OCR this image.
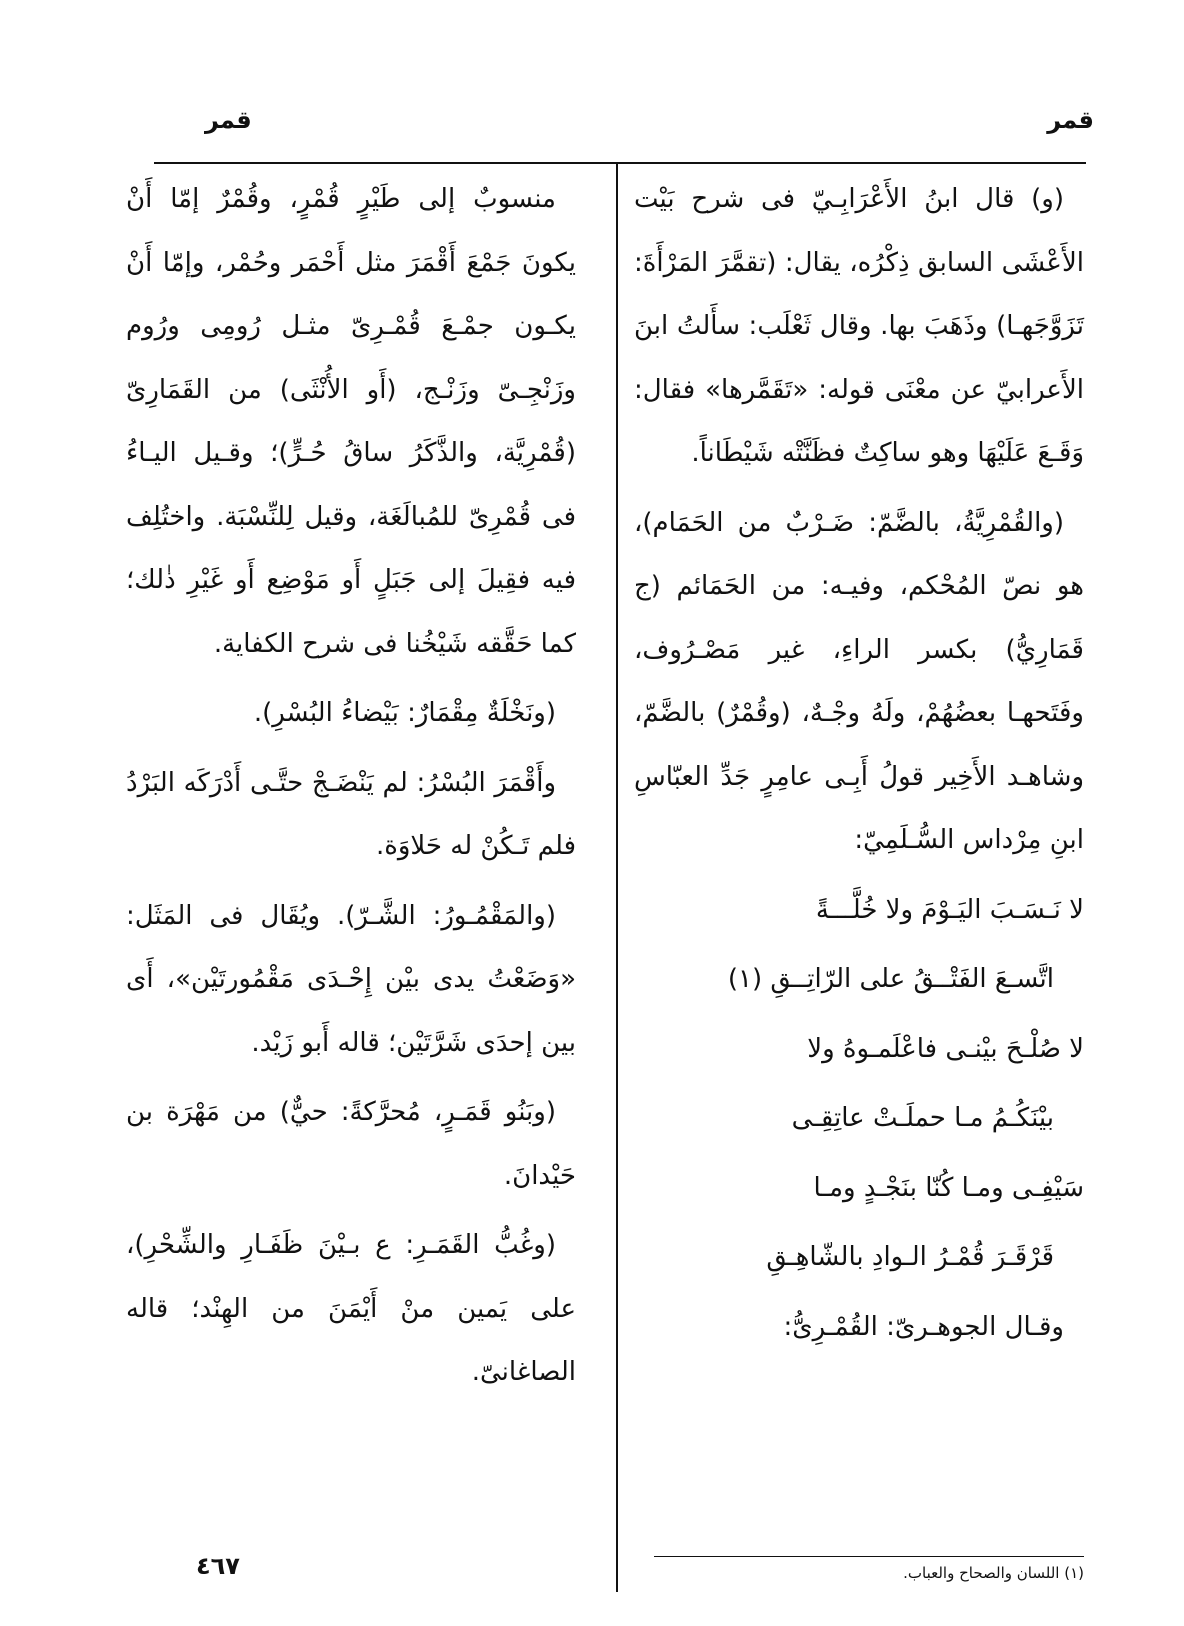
قمر
قمر

(و) قال ابنُ الأَعْرَابِـيّ فى شرح بَيْت الأَعْشَى السابق ذِكْرُه، يقال: (تقمَّرَ المَرْأَةَ: تَزَوَّجَهـا) وذَهَبَ بها. وقال ثَعْلَب: سأَلتُ ابنَ الأَعرابيّ عن معْنَى قوله: «تَقَمَّرها» فقال: وَقَـعَ عَلَيْهَا وهو ساكِتٌ فظَنَّتْه شَيْطَاناً.

(والقُمْرِيَّةُ، بالضَّمّ: ضَـرْبٌ من الحَمَام)، هو نصّ المُحْكم، وفيـه: من الحَمَائم (ج قَمَارِيُّ) بكسر الراءِ، غير مَصْـرُوف، وفَتَحهـا بعضُهُمْ، ولَهُ وجْـهٌ، (وقُمْرٌ) بالضَّمّ، وشاهـد الأَخِير قولُ أَبِـى عامِرٍ جَدِّ العبّاسِ ابنِ مِرْداس السُّـلَمِيّ:

لا نَـسَـبَ اليَـوْمَ ولا خُلَّـــةً

اتَّسـعَ الفَتْــقُ على الرّاتِــقِ (١)

لا صُلْـحَ بيْنـى فاعْلَمـوهُ ولا

بيْنَكُـمُ مـا حملَـتْ عاتِقِـى

سَيْفِـى ومـا كُنّا بنَجْـدٍ ومـا

قَرْقَـرَ قُمْـرُ الـوادِ بالشّاهِـقِ

وقـال الجوهـرىّ: القُمْـرِىُّ:

منسوبٌ إلى طَيْرٍ قُمْرٍ، وقُمْرٌ إمّا أَنْ يكونَ جَمْعَ أَقْمَرَ مثل أَحْمَر وحُمْر، وإمّا أَنْ يكـون جمْـعَ قُمْـرِىّ مثـل رُومِى ورُوم وزَنْجِـىّ وزَنْـج، (أَو الأُنْثَى) من القَمَارِىّ (قُمْرِيَّة، والذَّكَرُ ساقُ حُـرٍّ)؛ وقـيل اليـاءُ فى قُمْرِىّ للمُبالَغَة، وقيل لِلنِّسْبَة. واختُلِف فيه فقِيلَ إلى جَبَلٍ أَو مَوْضِع أَو غَيْرِ ذٰلك؛ كما حَقَّقه شَيْخُنا فى شرح الكفاية.

(ونَخْلَةٌ مِقْمَارٌ: بَيْضاءُ البُسْرِ).

وأَقْمَرَ البُسْرُ: لم يَنْضَـجْ حتَّـى أَدْرَكَه البَرْدُ فلم تَـكُنْ له حَلاوَة.

(والمَقْمُـورُ: الشَّـرّ). ويُقَال فى المَثَل: «وَضَعْتُ يدى بيْن إِحْـدَى مَقْمُورتَيْن»، أَى بين إحدَى شَرَّتَيْن؛ قاله أَبو زَيْد.

(وبَنُو قَمَـرٍ، مُحرَّكةً: حيٌّ) من مَهْرَة بن حَيْدانَ.

(وغُبُّ القَمَـرِ: ع بـيْنَ ظَفَـارِ والشِّحْرِ)، على يَمين منْ أَيْمَنَ من الهِنْد؛ قاله الصاغانىّ.

(١) اللسان والصحاح والعباب.
٤٦٧
